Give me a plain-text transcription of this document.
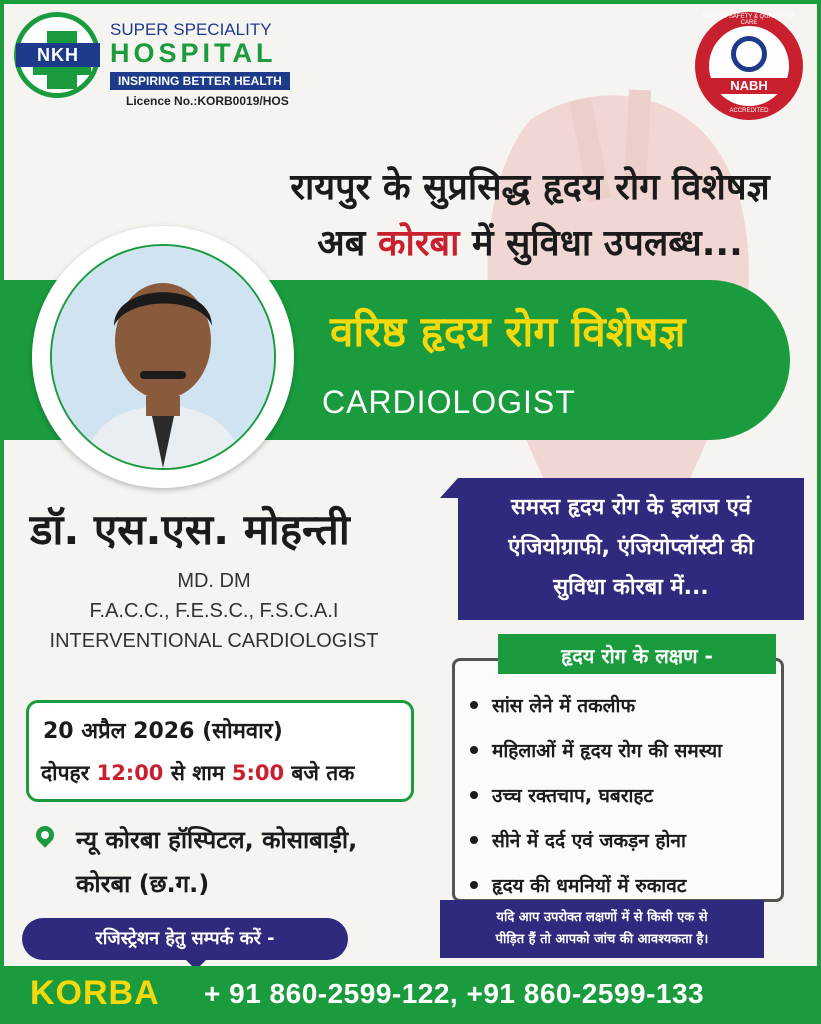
NKH
SUPER SPECIALITY
HOSPITAL
INSPIRING BETTER HEALTH
Licence No.:KORB0019/HOS
PATIENT SAFETY & QUALITY OF CARE
NABH
ACCREDITED
रायपुर के सुप्रसिद्ध हृदय रोग विशेषज्ञ
अब कोरबा में सुविधा उपलब्ध...
वरिष्ठ हृदय रोग विशेषज्ञ
CARDIOLOGIST
डॉ. एस.एस. मोहन्ती
MD. DM
F.A.C.C., F.E.S.C., F.S.C.A.I
INTERVENTIONAL CARDIOLOGIST
20 अप्रैल 2026 (सोमवार)
दोपहर 12:00 से शाम 5:00 बजे तक
न्यू कोरबा हॉस्पिटल, कोसाबाड़ी,
कोरबा (छ.ग.)
रजिस्ट्रेशन हेतु सम्पर्क करें -
समस्त हृदय रोग के इलाज एवं
एंजियोग्राफी, एंजियोप्लॉस्टी की
सुविधा कोरबा में...
हृदय रोग के लक्षण -
सांस लेने में तकलीफ
महिलाओं में हृदय रोग की समस्या
उच्च रक्तचाप, घबराहट
सीने में दर्द एवं जकड़न होना
हृदय की धमनियों में रुकावट
यदि आप उपरोक्त लक्षणों में से किसी एक से
पीड़ित हैं तो आपको जांच की आवश्यकता है।
KORBA + 91 860-2599-122, +91 860-2599-133
